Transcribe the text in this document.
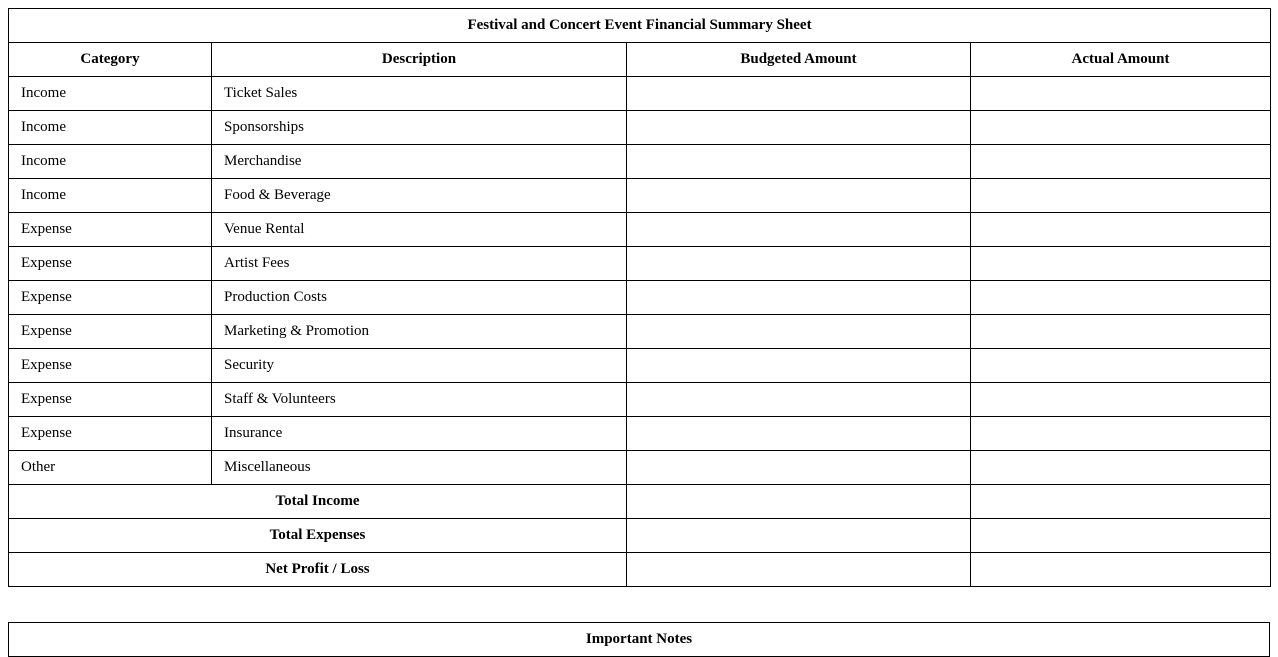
Festival and Concert Event Financial Summary Sheet			
Category	Description	Budgeted Amount	Actual Amount
Income	Ticket Sales		
Income	Sponsorships		
Income	Merchandise		
Income	Food & Beverage		
Expense	Venue Rental		
Expense	Artist Fees		
Expense	Production Costs		
Expense	Marketing & Promotion		
Expense	Security		
Expense	Staff & Volunteers		
Expense	Insurance		
Other	Miscellaneous		
Total Income			
Total Expenses			
Net Profit / Loss			
Important Notes
